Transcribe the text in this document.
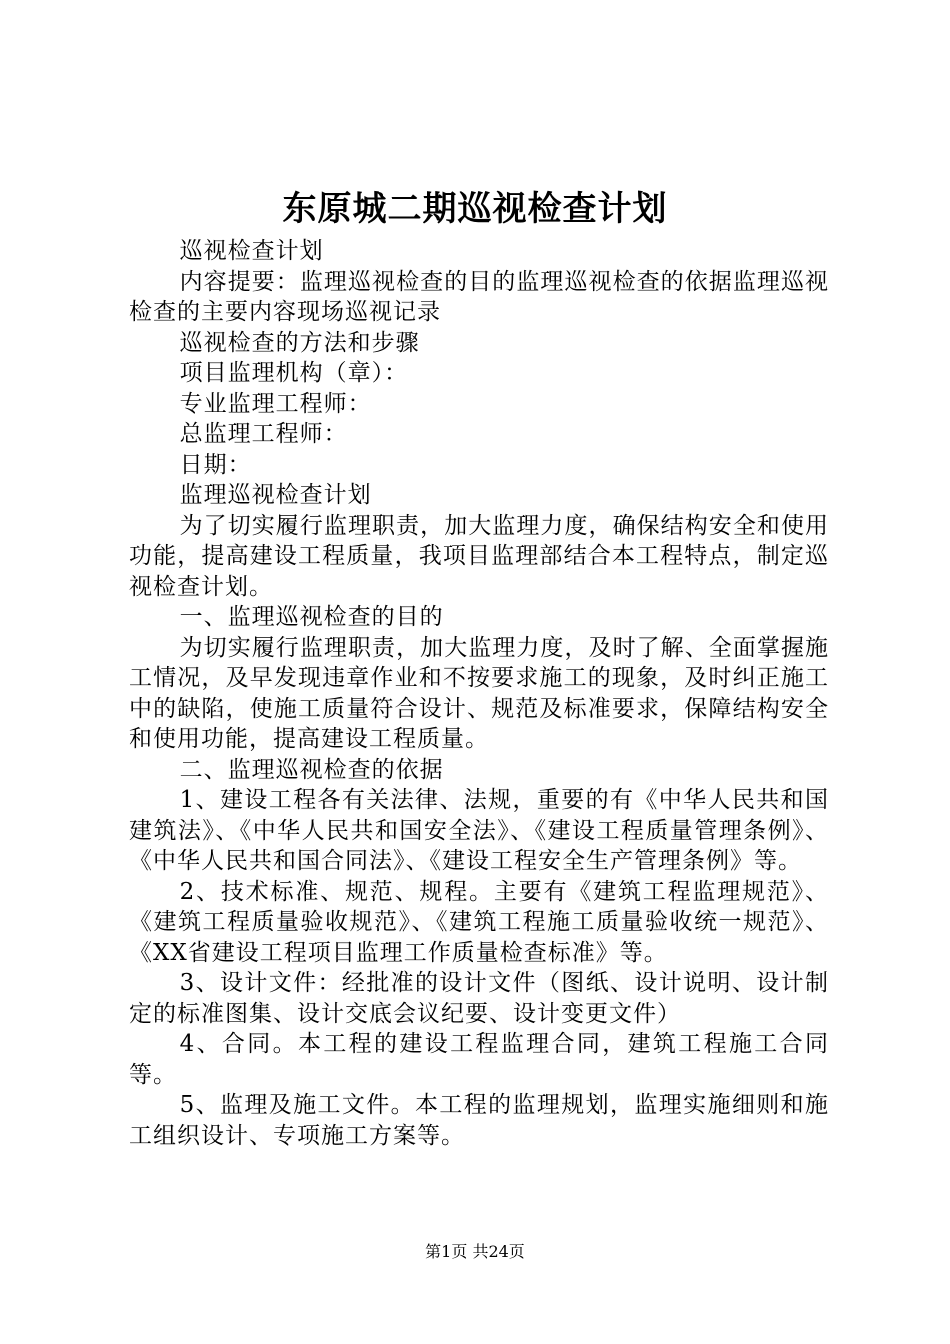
东原城二期巡视检查计划

巡视检查计划

内容提要：监理巡视检查的目的监理巡视检查的依据监理巡视检查的主要内容现场巡视记录

巡视检查的方法和步骤

项目监理机构（章）：

专业监理工程师：

总监理工程师：

日期：

监理巡视检查计划

为了切实履行监理职责，加大监理力度，确保结构安全和使用功能，提高建设工程质量，我项目监理部结合本工程特点，制定巡视检查计划。

一、监理巡视检查的目的

为切实履行监理职责，加大监理力度，及时了解、全面掌握施工情况，及早发现违章作业和不按要求施工的现象，及时纠正施工中的缺陷，使施工质量符合设计、规范及标准要求，保障结构安全和使用功能，提高建设工程质量。

二、监理巡视检查的依据

1、建设工程各有关法律、法规，重要的有《中华人民共和国建筑法》、《中华人民共和国安全法》、《建设工程质量管理条例》、《中华人民共和国合同法》、《建设工程安全生产管理条例》等。

2、技术标准、规范、规程。主要有《建筑工程监理规范》、《建筑工程质量验收规范》、《建筑工程施工质量验收统一规范》、《XX省建设工程项目监理工作质量检查标准》等。

3、设计文件：经批准的设计文件（图纸、设计说明、设计制定的标准图集、设计交底会议纪要、设计变更文件）

4、合同。本工程的建设工程监理合同，建筑工程施工合同等。

5、监理及施工文件。本工程的监理规划，监理实施细则和施工组织设计、专项施工方案等。

第1页 共24页
